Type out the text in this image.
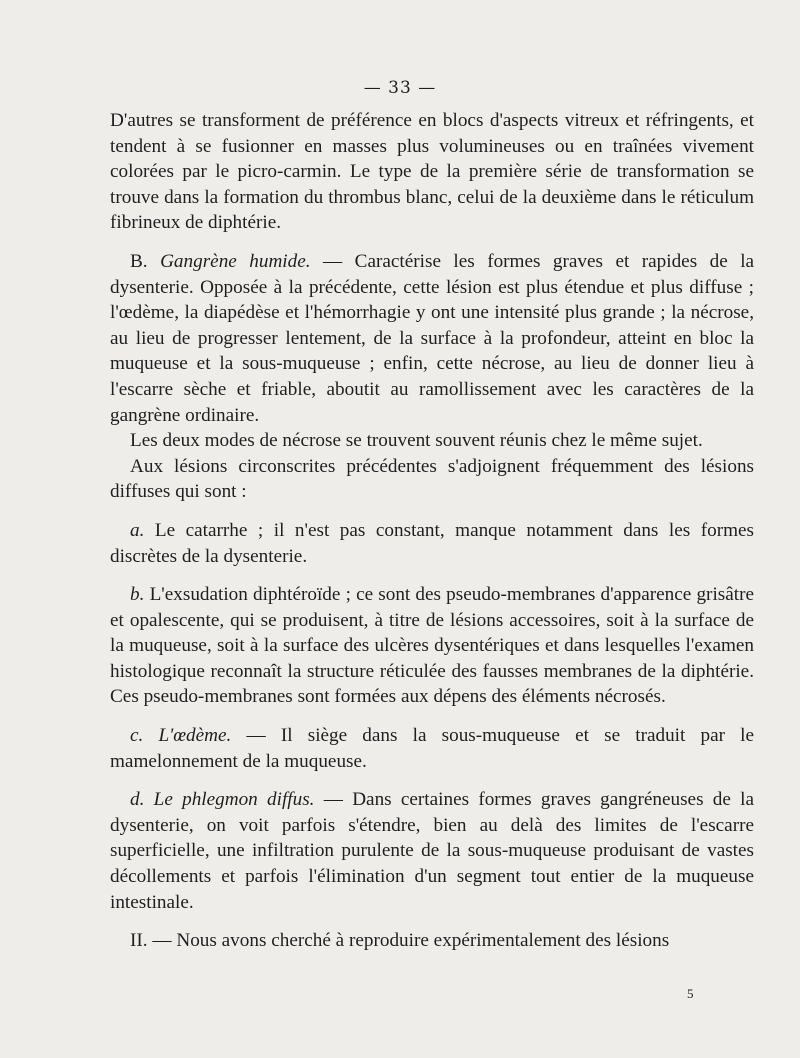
— 33 —

D'autres se transforment de préférence en blocs d'aspects vitreux et réfringents, et tendent à se fusionner en masses plus volumineuses ou en traînées vivement colorées par le picro-carmin. Le type de la première série de transformation se trouve dans la formation du thrombus blanc, celui de la deuxième dans le réticulum fibrineux de diphtérie.

B. Gangrène humide. — Caractérise les formes graves et rapides de la dysenterie. Opposée à la précédente, cette lésion est plus étendue et plus diffuse ; l'œdème, la diapédèse et l'hémorrhagie y ont une intensité plus grande ; la nécrose, au lieu de progresser lentement, de la surface à la profondeur, atteint en bloc la muqueuse et la sous-muqueuse ; enfin, cette nécrose, au lieu de donner lieu à l'escarre sèche et friable, aboutit au ramollissement avec les caractères de la gangrène ordinaire.

Les deux modes de nécrose se trouvent souvent réunis chez le même sujet.

Aux lésions circonscrites précédentes s'adjoignent fréquemment des lésions diffuses qui sont :

a. Le catarrhe ; il n'est pas constant, manque notamment dans les formes discrètes de la dysenterie.

b. L'exsudation diphtéroïde ; ce sont des pseudo-membranes d'apparence grisâtre et opalescente, qui se produisent, à titre de lésions accessoires, soit à la surface de la muqueuse, soit à la surface des ulcères dysentériques et dans lesquelles l'examen histologique reconnaît la structure réticulée des fausses membranes de la diphtérie. Ces pseudo-membranes sont formées aux dépens des éléments nécrosés.

c. L'œdème. — Il siège dans la sous-muqueuse et se traduit par le mamelonnement de la muqueuse.

d. Le phlegmon diffus. — Dans certaines formes graves gangréneuses de la dysenterie, on voit parfois s'étendre, bien au delà des limites de l'escarre superficielle, une infiltration purulente de la sous-muqueuse produisant de vastes décollements et parfois l'élimination d'un segment tout entier de la muqueuse intestinale.

II. — Nous avons cherché à reproduire expérimentalement des lésions

5
